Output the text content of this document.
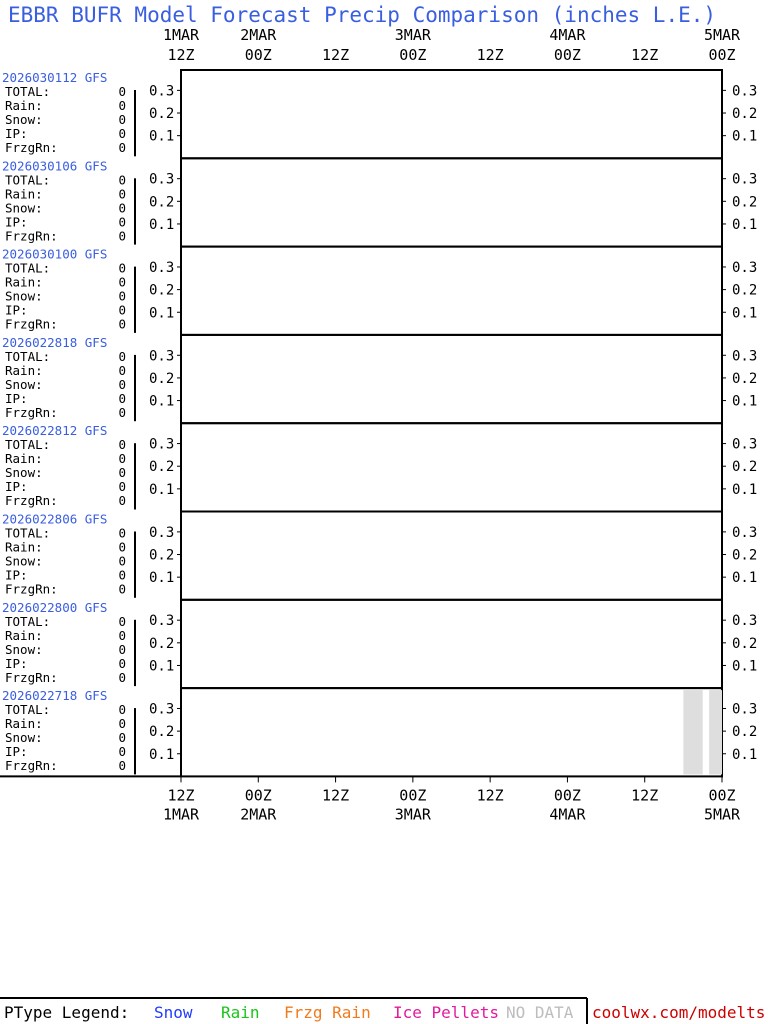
EBBR BUFR Model Forecast Precip Comparison (inches L.E.)
1MAR
12Z
2MAR
00Z	12Z
3MAR
00Z	12Z
4MAR
00Z	12Z
5MAR
00Z
2026030112 GFS
TOTAL:	0
Rain:	0
Snow:	0
IP:	0
FrzgRn:	0
0.1	0.1
0.2	0.2
0.3	0.3
2026030106 GFS
TOTAL:	0
Rain:	0
Snow:	0
IP:	0
FrzgRn:	0
0.1	0.1
0.2	0.2
0.3	0.3
2026030100 GFS
TOTAL:	0
Rain:	0
Snow:	0
IP:	0
FrzgRn:	0
0.1	0.1
0.2	0.2
0.3	0.3
2026022818 GFS
TOTAL:	0
Rain:	0
Snow:	0
IP:	0
FrzgRn:	0
0.1	0.1
0.2	0.2
0.3	0.3
2026022812 GFS
TOTAL:	0
Rain:	0
Snow:	0
IP:	0
FrzgRn:	0
0.1	0.1
0.2	0.2
0.3	0.3
2026022806 GFS
TOTAL:	0
Rain:	0
Snow:	0
IP:	0
FrzgRn:	0
0.1	0.1
0.2	0.2
0.3	0.3
2026022800 GFS
TOTAL:	0
Rain:	0
Snow:	0
IP:	0
FrzgRn:	0
0.1	0.1
0.2	0.2
0.3	0.3
2026022718 GFS
TOTAL:	0
Rain:	0
Snow:	0
IP:	0
FrzgRn:	0
0.1	0.1
0.2	0.2
0.3	0.3
12Z
1MAR
00Z
2MAR
12Z	00Z
3MAR
12Z	00Z
4MAR
12Z	00Z
5MAR
PType Legend: Snow Rain Frzg Rain Ice Pellets NO DATA coolwx.com/modelts
